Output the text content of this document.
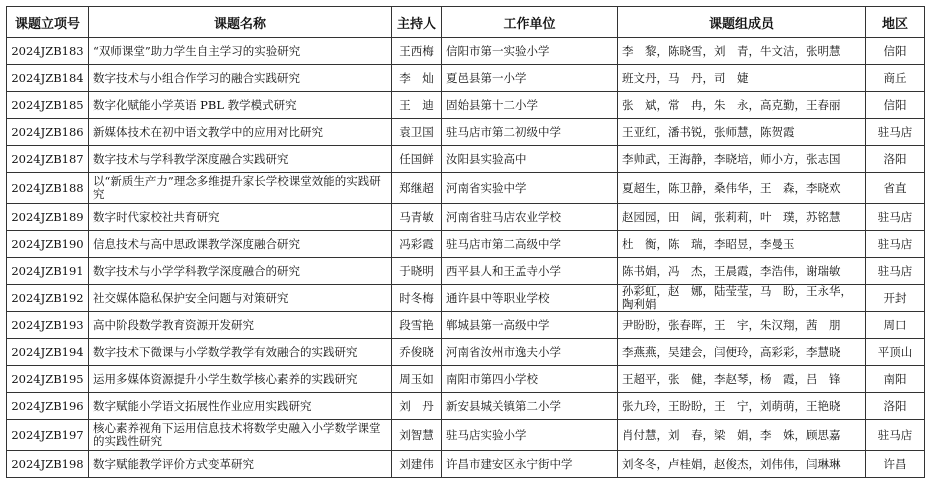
课题立项号	课题名称	主持人	工作单位	课题组成员	地区
2024JZB183	“双师课堂”助力学生自主学习的实验研究	王西梅	信阳市第一实验小学	李　黎，陈晓雪，刘　青，牛文洁，张明慧	信阳
2024JZB184	数字技术与小组合作学习的融合实践研究	李　灿	夏邑县第一小学	班文丹，马　丹，司　婕	商丘
2024JZB185	数字化赋能小学英语 PBL 教学模式研究	王　迪	固始县第十二小学	张　斌，常　冉，朱　永，高克勤，王春丽	信阳
2024JZB186	新媒体技术在初中语文教学中的应用对比研究	袁卫国	驻马店市第二初级中学	王亚红，潘书锐，张师慧，陈贺霞	驻马店
2024JZB187	数字技术与学科教学深度融合实践研究	任国鲜	汝阳县实验高中	李帅武，王海静，李晓培，师小方，张志国	洛阳
2024JZB188	以“新质生产力”理念多维提升家长学校课堂效能的实践研究	郑继超	河南省实验中学	夏超生，陈卫静，桑伟华，王　森，李晓欢	省直
2024JZB189	数字时代家校社共育研究	马青敏	河南省驻马店农业学校	赵园园，田　阔，张莉莉，叶　璞，苏铭慧	驻马店
2024JZB190	信息技术与高中思政课教学深度融合研究	冯彩霞	驻马店市第二高级中学	杜　衡，陈　瑞，李昭昱，李曼玉	驻马店
2024JZB191	数字技术与小学学科教学深度融合的研究	于晓明	西平县人和王孟寺小学	陈书娟，冯　杰，王晨霞，李浩伟，谢瑞敏	驻马店
2024JZB192	社交媒体隐私保护安全问题与对策研究	时冬梅	通许县中等职业学校	孙彩虹，赵　娜，陆莹莹，马　盼，王永华，陶利娟	开封
2024JZB193	高中阶段数学教育资源开发研究	段雪艳	郸城县第一高级中学	尹盼盼，张春晖，王　宇，朱汉翔，茜　朋	周口
2024JZB194	数字技术下微课与小学数学教学有效融合的实践研究	乔俊晓	河南省汝州市逸夫小学	李燕燕，吴建会，闫便玲，高彩彩，李慧晓	平顶山
2024JZB195	运用多媒体资源提升小学生数学核心素养的实践研究	周玉如	南阳市第四小学校	王超平，张　健，李赵琴，杨　霞，吕　锋	南阳
2024JZB196	数字赋能小学语文拓展性作业应用实践研究	刘　丹	新安县城关镇第二小学	张九玲，王盼盼，王　宁，刘萌萌，王艳晓	洛阳
2024JZB197	核心素养视角下运用信息技术将数学史融入小学数学课堂的实践性研究	刘智慧	驻马店实验小学	肖付慧，刘　春，梁　娟，李　姝，顾思嘉	驻马店
2024JZB198	数字赋能教学评价方式变革研究	刘建伟	许昌市建安区永宁街中学	刘冬冬，卢桂娟，赵俊杰，刘伟伟，闫琳琳	许昌
